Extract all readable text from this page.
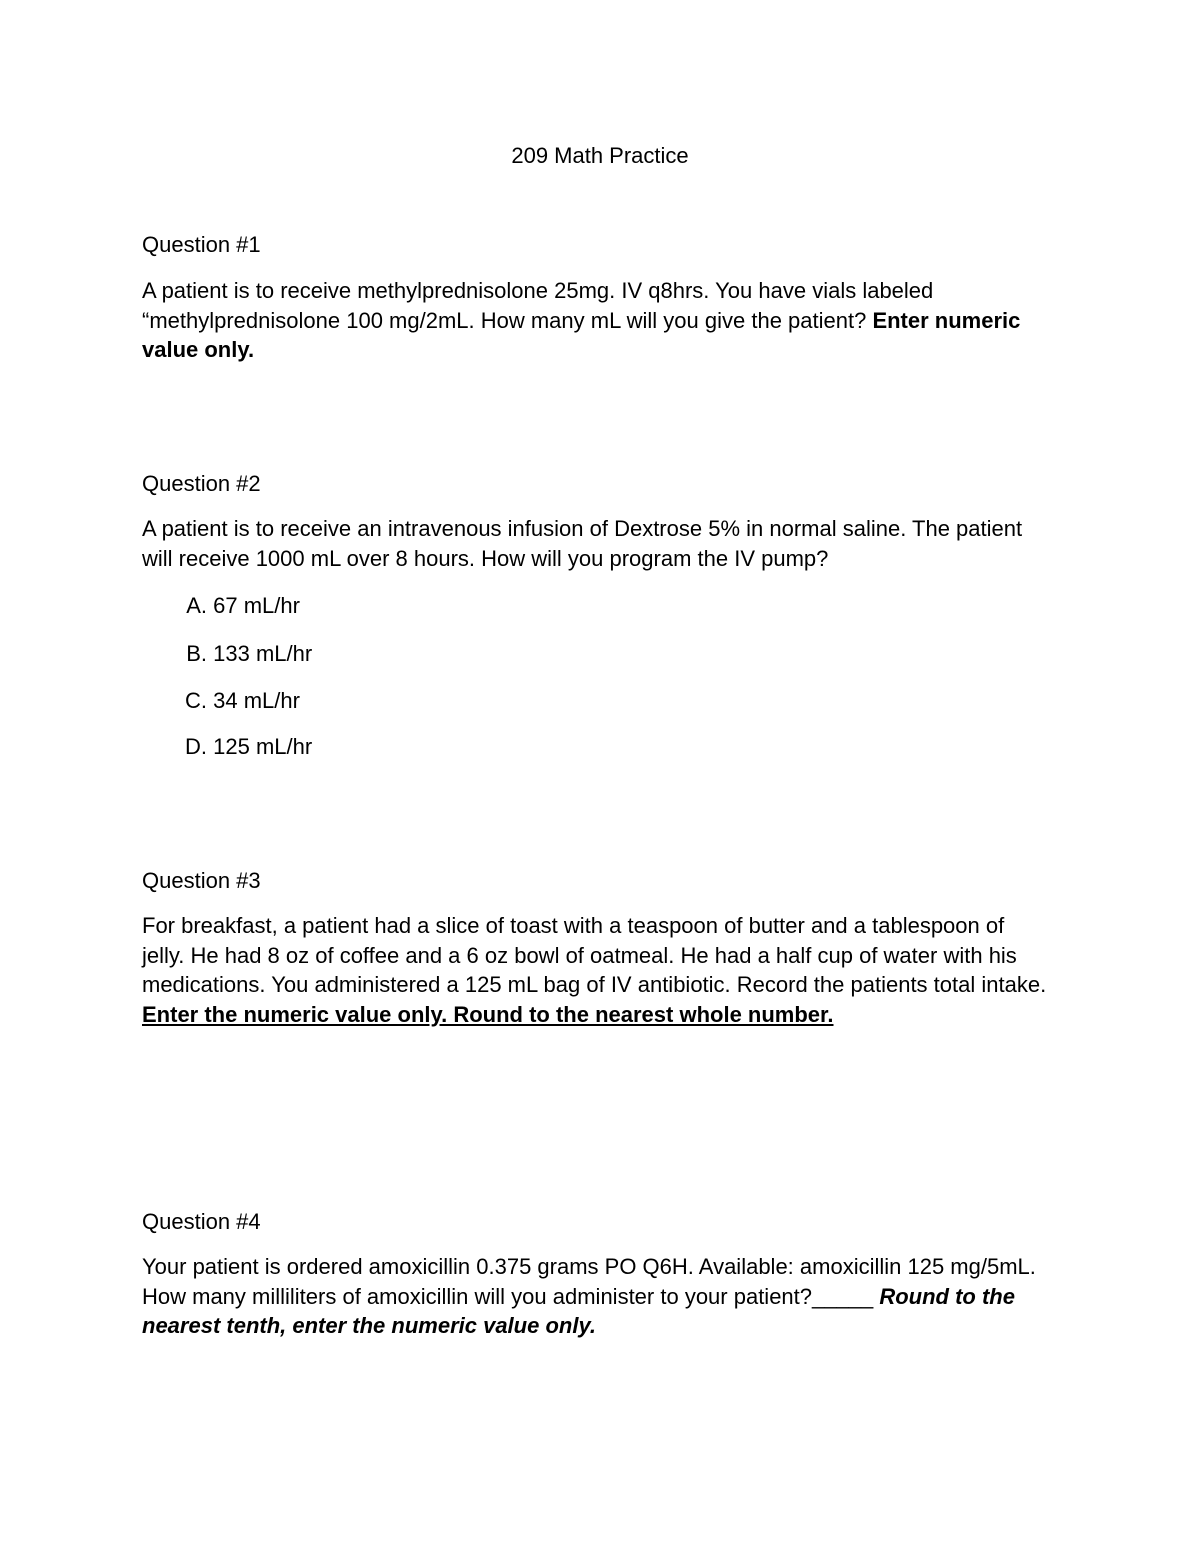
209 Math Practice

Question #1

A patient is to receive methylprednisolone 25mg. IV q8hrs. You have vials labeled “methylprednisolone 100 mg/2mL. How many mL will you give the patient? Enter numeric value only.

Question #2

A patient is to receive an intravenous infusion of Dextrose 5% in normal saline. The patient will receive 1000 mL over 8 hours. How will you program the IV pump?

A. 67 mL/hr
B. 133 mL/hr
C. 34 mL/hr
D. 125 mL/hr

Question #3

For breakfast, a patient had a slice of toast with a teaspoon of butter and a tablespoon of jelly. He had 8 oz of coffee and a 6 oz bowl of oatmeal. He had a half cup of water with his medications. You administered a 125 mL bag of IV antibiotic. Record the patients total intake. Enter the numeric value only. Round to the nearest whole number.

Question #4

Your patient is ordered amoxicillin 0.375 grams PO Q6H. Available: amoxicillin 125 mg/5mL. How many milliliters of amoxicillin will you administer to your patient?_____ Round to the nearest tenth, enter the numeric value only.
